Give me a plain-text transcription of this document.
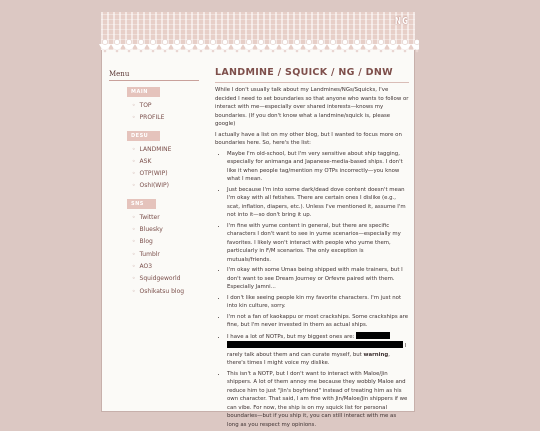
NG
Menu
MAIN
◦ TOP
◦ PROFILE
DESU
◦ LANDMINE
◦ ASK
◦ OTP(WIP)
◦ OshI(WIP)
SNS
◦ Twitter
◦ Bluesky
◦ Blog
◦ Tumblr
◦ AO3
◦ Squidgeworld
◦ Oshikatsu blog
LANDMINE / SQUICK / NG / DNW

While I don't usually talk about my Landmines/NGs/Squicks, I've decided I need to set boundaries so that anyone who wants to follow or interact with me—especially over shared interests—knows my boundaries. (If you don't know what a landmine/squick is, please google)

I actually have a list on my other blog, but I wanted to focus more on boundaries here. So, here's the list:

• Maybe I'm old-school, but I'm very sensitive about ship tagging, especially for animanga and Japanese-media-based ships. I don't like it when people tag/mention my OTPs incorrectly—you know what I mean.
• Just because I'm into some dark/dead dove content doesn't mean I'm okay with all fetishes. There are certain ones I dislike (e.g., scat, inflation, diapers, etc.). Unless I've mentioned it, assume I'm not into it—so don't bring it up.
• I'm fine with yume content in general, but there are specific characters I don't want to see in yume scenarios—especially my favorites. I likely won't interact with people who yume them, particularly in F/M scenarios. The only exception is mutuals/friends.
• I'm okay with some Umas being shipped with male trainers, but I don't want to see Dream Journey or Orfevre paired with them. Especially Jamni...
• I don't like seeing people kin my favorite characters. I'm just not into kin culture, sorry.
• I'm not a fan of kaokappu or most crackships. Some crackships are fine, but I'm never invested in them as actual ships.
• I have a lot of NOTPs, but my biggest ones are:   I rarely talk about them and can curate myself, but warning, there's times I might voice my dislike.
• This isn't a NOTP, but I don't want to interact with Maloe/Jin shippers. A lot of them annoy me because they wobbly Maloe and reduce him to just "Jin's boyfriend" instead of treating him as his own character. That said, I am fine with Jin/Maloe/Jin shippers if we can vibe. For now, the ship is on my squick list for personal boundaries—but if you ship it, you can still interact with me as long as you respect my opinions.
